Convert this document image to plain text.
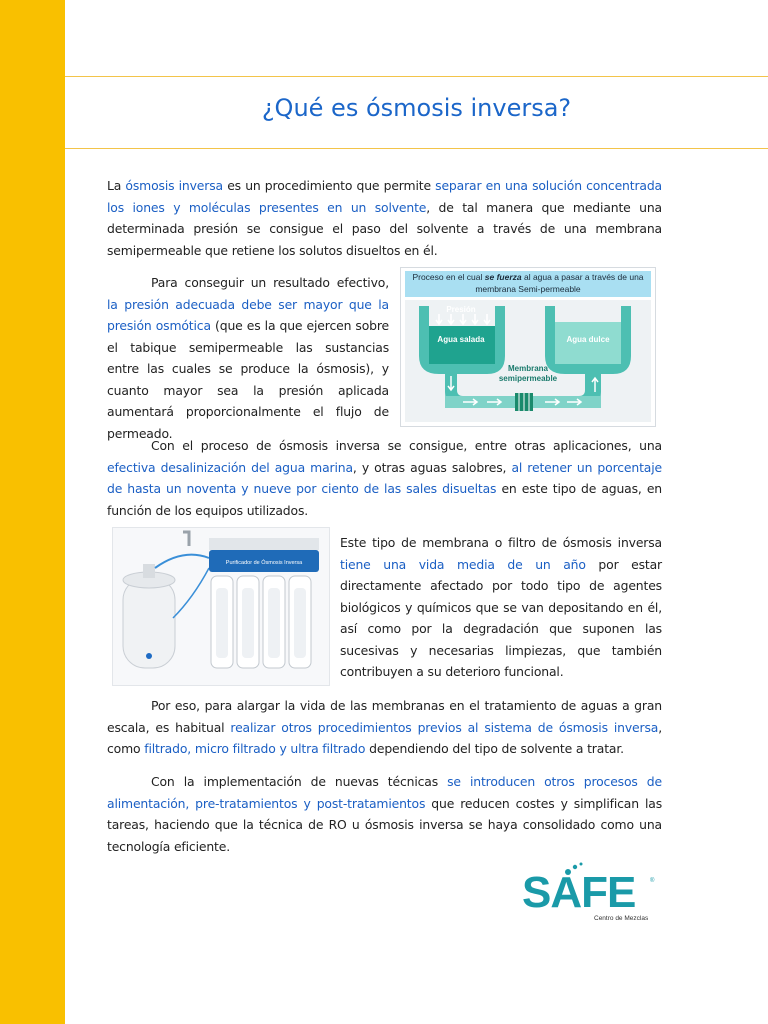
¿Qué es ósmosis inversa?

La ósmosis inversa es un procedimiento que permite separar en una solución concentrada los iones y moléculas presentes en un solvente, de tal manera que mediante una determinada presión se consigue el paso del solvente a través de una membrana semipermeable que retiene los solutos disueltos en él.

Para conseguir un resultado efectivo, la presión adecuada debe ser mayor que la presión osmótica (que es la que ejercen sobre el tabique semipermeable las sustancias entre las cuales se produce la ósmosis), y cuanto mayor sea la presión aplicada aumentará proporcionalmente el flujo de permeado.

Proceso en el cual se fuerza al agua a pasar a través de una membrana Semi-permeable
Presión
Agua salada	Agua dulce
Membrana semipermeable

Con el proceso de ósmosis inversa se consigue, entre otras aplicaciones, una efectiva desalinización del agua marina, y otras aguas salobres, al retener un porcentaje de hasta un noventa y nueve por ciento de las sales disueltas en este tipo de aguas, en función de los equipos utilizados.

Purificador de Ósmosis Inversa

Este tipo de membrana o filtro de ósmosis inversa tiene una vida media de un año por estar directamente afectado por todo tipo de agentes biológicos y químicos que se van depositando en él, así como por la degradación que suponen las sucesivas y necesarias limpiezas, que también contribuyen a su deterioro funcional.

Por eso, para alargar la vida de las membranas en el tratamiento de aguas a gran escala, es habitual realizar otros procedimientos previos al sistema de ósmosis inversa, como filtrado, micro filtrado y ultra filtrado dependiendo del tipo de solvente a tratar.

Con la implementación de nuevas técnicas se introducen otros procesos de alimentación, pre-tratamientos y post-tratamientos que reducen costes y simplifican las tareas, haciendo que la técnica de RO u ósmosis inversa se haya consolidado como una tecnología eficiente.

SAFE ®
Centro de Mezclas
